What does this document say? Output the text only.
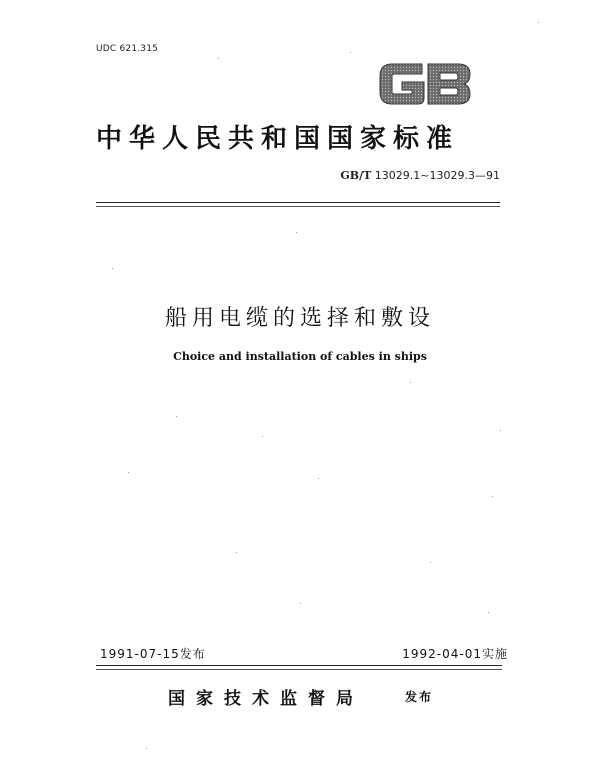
UDC 621.315
中华人民共和国国家标准
GB/T 13029.1~13029.3—91
船用电缆的选择和敷设
Choice and installation of cables in ships
1991-07-15发布	1992-04-01实施
国家技术监督局	发布
